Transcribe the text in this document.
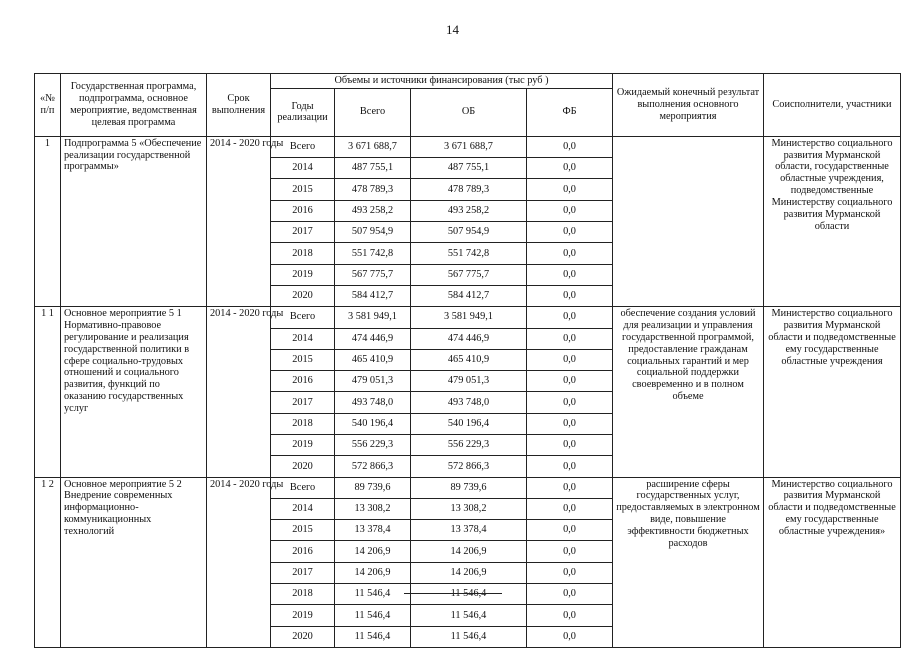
14
«№ п/п	Государственная программа, подпрограмма, основное мероприятие, ведомственная целевая программа	Срок выполнения	Объемы и источники финансирования (тыс руб )				Ожидаемый конечный результат выполнения основного мероприятия	Соисполнители, участники
			Годы реализации	Всего	ОБ	ФБ		
1	Подпрограмма 5 «Обеспечение реализации государственной программы»	2014 - 2020 годы	Всего	3 671 688,7	3 671 688,7	0,0		Министерство социального развития Мурманской области, государственные областные учреждения, подведомственные Министерству социального развития Мурманской области
			2014	487 755,1	487 755,1	0,0		
			2015	478 789,3	478 789,3	0,0		
			2016	493 258,2	493 258,2	0,0		
			2017	507 954,9	507 954,9	0,0		
			2018	551 742,8	551 742,8	0,0		
			2019	567 775,7	567 775,7	0,0		
			2020	584 412,7	584 412,7	0,0		
1 1	Основное мероприятие 5 1 Нормативно-правовое регулирование и реализация государственной политики в сфере социально-трудовых отношений и социального развития, функций по оказанию государственных услуг	2014 - 2020 годы	Всего	3 581 949,1	3 581 949,1	0,0	обеспечение создания условий для реализации и управления государственной программой, предоставление гражданам социальных гарантий и мер социальной поддержки своевременно и в полном объеме	Министерство социального развития Мурманской области и подведомственные ему государственные областные учреждения
			2014	474 446,9	474 446,9	0,0		
			2015	465 410,9	465 410,9	0,0		
			2016	479 051,3	479 051,3	0,0		
			2017	493 748,0	493 748,0	0,0		
			2018	540 196,4	540 196,4	0,0		
			2019	556 229,3	556 229,3	0,0		
			2020	572 866,3	572 866,3	0,0		
1 2	Основное мероприятие 5 2 Внедрение современных информационно-коммуникационных технологий	2014 - 2020 годы	Всего	89 739,6	89 739,6	0,0	расширение сферы государственных услуг, предоставляемых в электронном виде, повышение эффективности бюджетных расходов	Министерство социального развития Мурманской области и подведомственные ему государственные областные учреждения»
			2014	13 308,2	13 308,2	0,0		
			2015	13 378,4	13 378,4	0,0		
			2016	14 206,9	14 206,9	0,0		
			2017	14 206,9	14 206,9	0,0		
			2018	11 546,4	11 546,4	0,0		
			2019	11 546,4	11 546,4	0,0		
			2020	11 546,4	11 546,4	0,0		
